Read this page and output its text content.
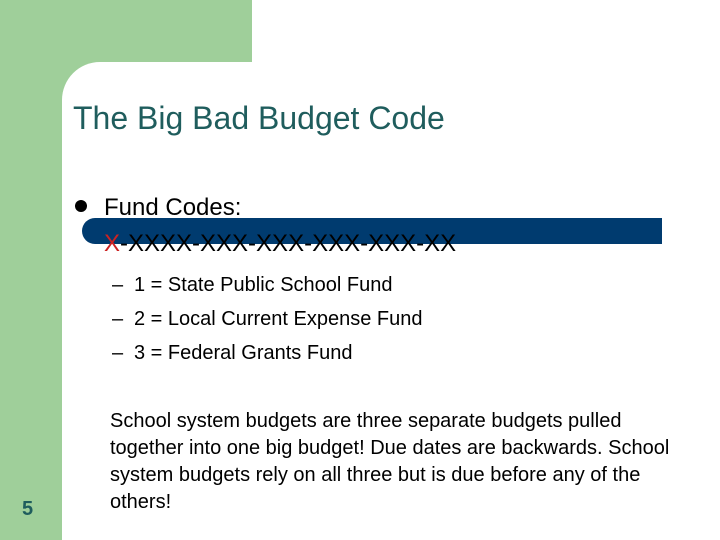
The Big Bad Budget Code
Fund Codes:
X-XXXX-XXX-XXX-XXX-XXX-XX
– 1 = State Public School Fund
– 2 = Local Current Expense Fund
– 3 = Federal Grants Fund
School system budgets are three separate budgets pulled together into one big budget! Due dates are backwards. School system budgets rely on all three but is due before any of the others!
5
